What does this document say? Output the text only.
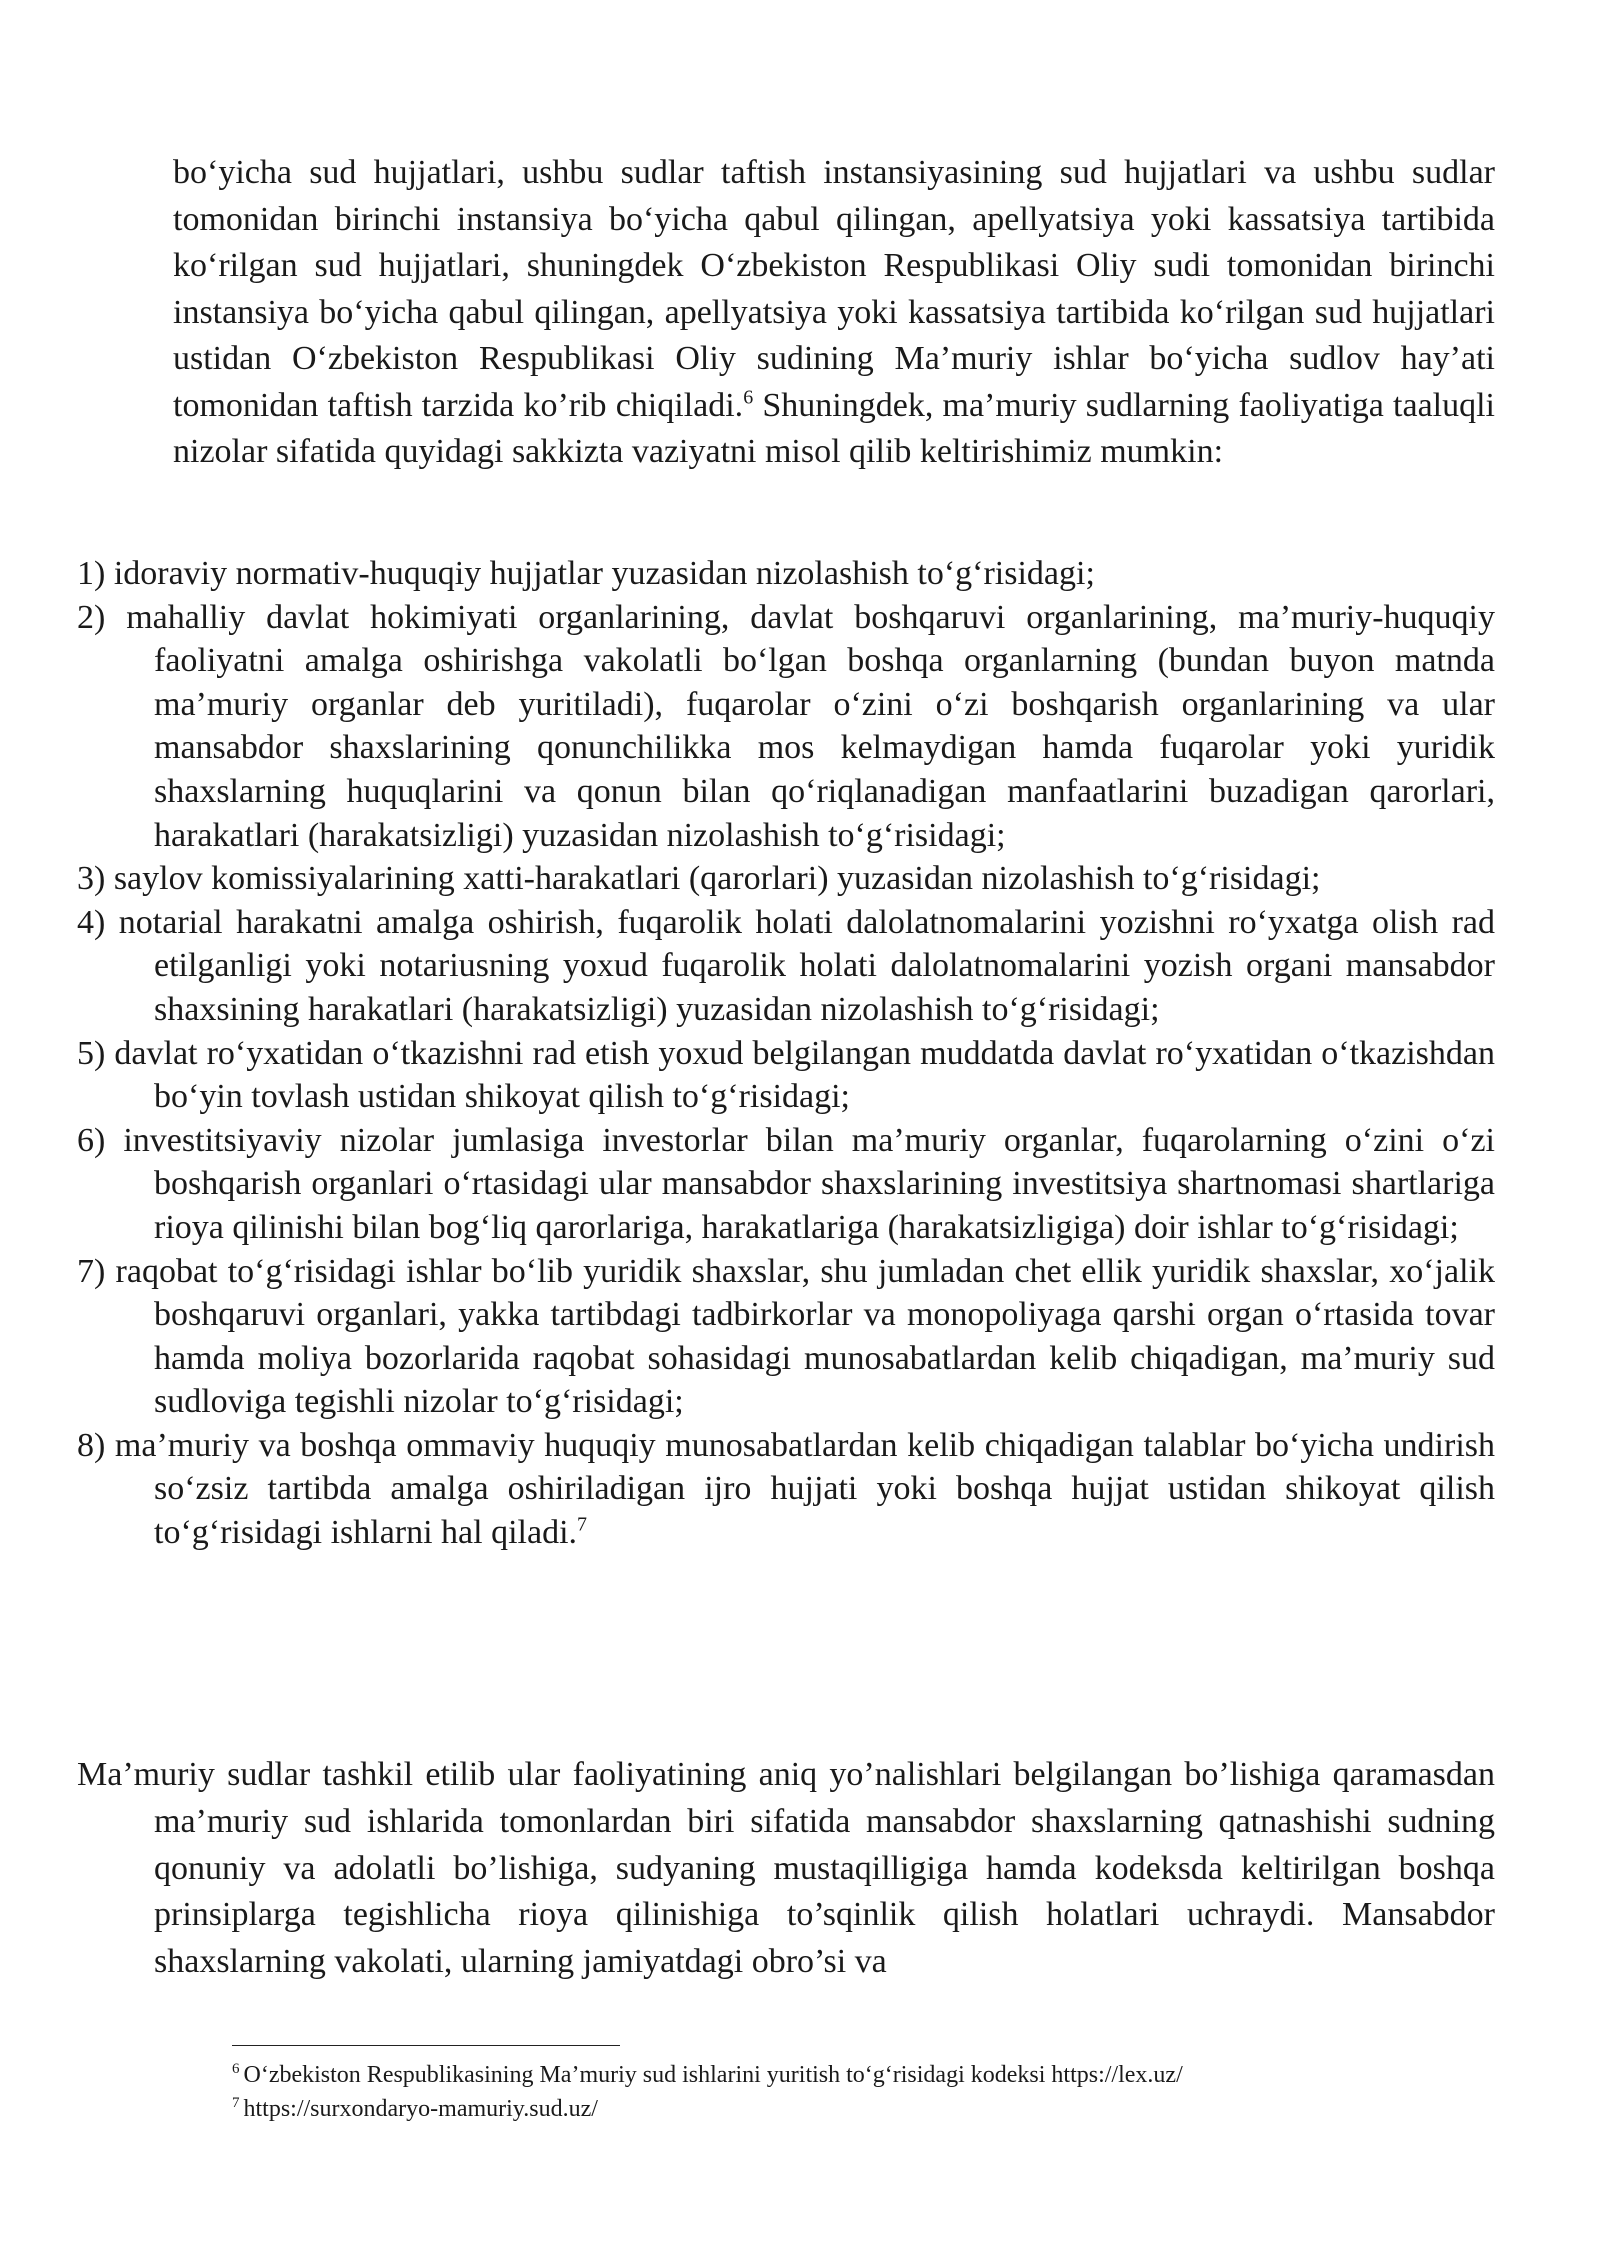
bo‘yicha sud hujjatlari, ushbu sudlar taftish instansiyasining sud hujjatlari va ushbu sudlar tomonidan birinchi instansiya bo‘yicha qabul qilingan, apellyatsiya yoki kassatsiya tartibida ko‘rilgan sud hujjatlari, shuningdek O‘zbekiston Respublikasi Oliy sudi tomonidan birinchi instansiya bo‘yicha qabul qilingan, apellyatsiya yoki kassatsiya tartibida ko‘rilgan sud hujjatlari ustidan O‘zbekiston Respublikasi Oliy sudining Ma’muriy ishlar bo‘yicha sudlov hay’ati tomonidan taftish tarzida ko’rib chiqiladi.$^6$ Shuningdek, ma’muriy sudlarning faoliyatiga taaluqli nizolar sifatida quyidagi sakkizta vaziyatni misol qilib keltirishimiz mumkin:

1) idoraviy normativ-huquqiy hujjatlar yuzasidan nizolashish to‘g‘risidagi;
2) mahalliy davlat hokimiyati organlarining, davlat boshqaruvi organlarining, ma’muriy-huquqiy faoliyatni amalga oshirishga vakolatli bo‘lgan boshqa organlarning (bundan buyon matnda ma’muriy organlar deb yuritiladi), fuqarolar o‘zini o‘zi boshqarish organlarining va ular mansabdor shaxslarining qonunchilikka mos kelmaydigan hamda fuqarolar yoki yuridik shaxslarning huquqlarini va qonun bilan qo‘riqlanadigan manfaatlarini buzadigan qarorlari, harakatlari (harakatsizligi) yuzasidan nizolashish to‘g‘risidagi;
3) saylov komissiyalarining xatti-harakatlari (qarorlari) yuzasidan nizolashish to‘g‘risidagi;
4) notarial harakatni amalga oshirish, fuqarolik holati dalolatnomalarini yozishni ro‘yxatga olish rad etilganligi yoki notariusning yoxud fuqarolik holati dalolatnomalarini yozish organi mansabdor shaxsining harakatlari (harakatsizligi) yuzasidan nizolashish to‘g‘risidagi;
5) davlat ro‘yxatidan o‘tkazishni rad etish yoxud belgilangan muddatda davlat ro‘yxatidan o‘tkazishdan bo‘yin tovlash ustidan shikoyat qilish to‘g‘risidagi;
6) investitsiyaviy nizolar jumlasiga investorlar bilan ma’muriy organlar, fuqarolarning o‘zini o‘zi boshqarish organlari o‘rtasidagi ular mansabdor shaxslarining investitsiya shartnomasi shartlariga rioya qilinishi bilan bog‘liq qarorlariga, harakatlariga (harakatsizligiga) doir ishlar to‘g‘risidagi;
7) raqobat to‘g‘risidagi ishlar bo‘lib yuridik shaxslar, shu jumladan chet ellik yuridik shaxslar, xo‘jalik boshqaruvi organlari, yakka tartibdagi tadbirkorlar va monopoliyaga qarshi organ o‘rtasida tovar hamda moliya bozorlarida raqobat sohasidagi munosabatlardan kelib chiqadigan, ma’muriy sud sudloviga tegishli nizolar to‘g‘risidagi;
8) ma’muriy va boshqa ommaviy huquqiy munosabatlardan kelib chiqadigan talablar bo‘yicha undirish so‘zsiz tartibda amalga oshiriladigan ijro hujjati yoki boshqa hujjat ustidan shikoyat qilish to‘g‘risidagi ishlarni hal qiladi.$^7$

Ma’muriy sudlar tashkil etilib ular faoliyatining aniq yo’nalishlari belgilangan bo’lishiga qaramasdan ma’muriy sud ishlarida tomonlardan biri sifatida mansabdor shaxslarning qatnashishi sudning qonuniy va adolatli bo’lishiga, sudyaning mustaqilligiga hamda kodeksda keltirilgan boshqa prinsiplarga tegishlicha rioya qilinishiga to’sqinlik qilish holatlari uchraydi. Mansabdor shaxslarning vakolati, ularning jamiyatdagi obro’si va

$^6$ O‘zbekiston Respublikasining Ma’muriy sud ishlarini yuritish to‘g‘risidagi kodeksi https://lex.uz/
$^7$ https://surxondaryo-mamuriy.sud.uz/
